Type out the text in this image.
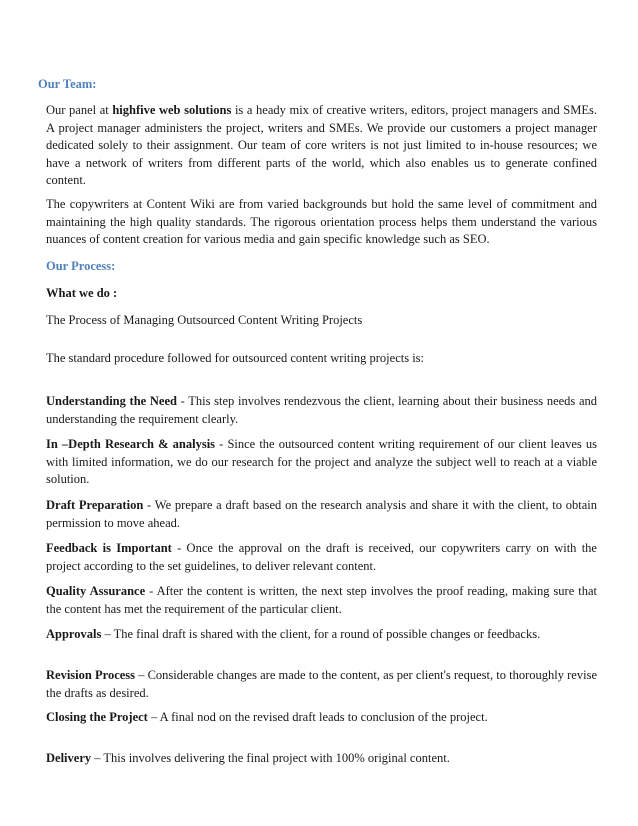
Our Team:

Our panel at highfive web solutions is a heady mix of creative writers, editors, project managers and SMEs. A project manager administers the project, writers and SMEs. We provide our customers a project manager dedicated solely to their assignment. Our team of core writers is not just limited to in-house resources; we have a network of writers from different parts of the world, which also enables us to generate confined content.

The copywriters at Content Wiki are from varied backgrounds but hold the same level of commitment and maintaining the high quality standards. The rigorous orientation process helps them understand the various nuances of content creation for various media and gain specific knowledge such as SEO.

Our Process:
What we do :

The Process of Managing Outsourced Content Writing Projects

The standard procedure followed for outsourced content writing projects is:

Understanding the Need - This step involves rendezvous the client, learning about their business needs and understanding the requirement clearly.

In –Depth Research & analysis - Since the outsourced content writing requirement of our client leaves us with limited information, we do our research for the project and analyze the subject well to reach at a viable solution.

Draft Preparation - We prepare a draft based on the research analysis and share it with the client, to obtain permission to move ahead.

Feedback is Important - Once the approval on the draft is received, our copywriters carry on with the project according to the set guidelines, to deliver relevant content.

Quality Assurance - After the content is written, the next step involves the proof reading, making sure that the content has met the requirement of the particular client.

Approvals – The final draft is shared with the client, for a round of possible changes or feedbacks.

Revision Process – Considerable changes are made to the content, as per client's request, to thoroughly revise the drafts as desired.

Closing the Project – A final nod on the revised draft leads to conclusion of the project.

Delivery – This involves delivering the final project with 100% original content.
